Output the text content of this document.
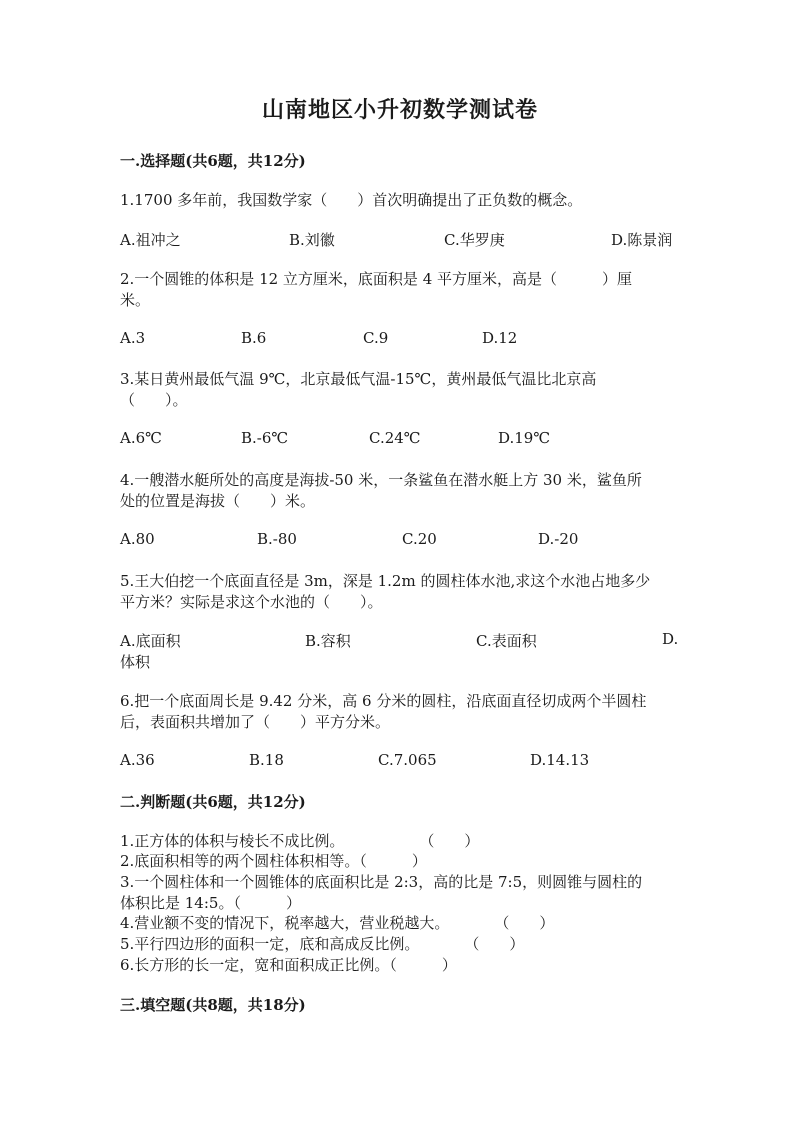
山南地区小升初数学测试卷
一.选择题(共6题，共12分)
1.1700 多年前，我国数学家（　　）首次明确提出了正负数的概念。
A.祖冲之	B.刘徽	C.华罗庚	D.陈景润
2.一个圆锥的体积是 12 立方厘米，底面积是 4 平方厘米，高是（　　　）厘
米。
A.3	B.6	C.9	D.12
3.某日黄州最低气温 9℃，北京最低气温-15℃，黄州最低气温比北京高
（　　）。
A.6℃	B.-6℃	C.24℃	D.19℃
4.一艘潜水艇所处的高度是海拔-50 米，一条鲨鱼在潜水艇上方 30 米，鲨鱼所
处的位置是海拔（　　）米。
A.80	B.-80	C.20	D.-20
5.王大伯挖一个底面直径是 3m，深是 1.2m 的圆柱体水池,求这个水池占地多少
平方米？实际是求这个水池的（　　）。
A.底面积	B.容积	C.表面积	D.
体积
6.把一个底面周长是 9.42 分米，高 6 分米的圆柱，沿底面直径切成两个半圆柱
后，表面积共增加了（　　）平方分米。
A.36	B.18	C.7.065	D.14.13
二.判断题(共6题，共12分)
1.正方体的体积与棱长不成比例。　　　　　　（　　）
2.底面积相等的两个圆柱体积相等。（　　　）
3.一个圆柱体和一个圆锥体的底面积比是 2:3，高的比是 7:5，则圆锥与圆柱的
体积比是 14:5。（　　　）
4.营业额不变的情况下，税率越大，营业税越大。　　　　（　　）
5.平行四边形的面积一定，底和高成反比例。　　　　（　　）
6.长方形的长一定，宽和面积成正比例。（　　　）
三.填空题(共8题，共18分)
